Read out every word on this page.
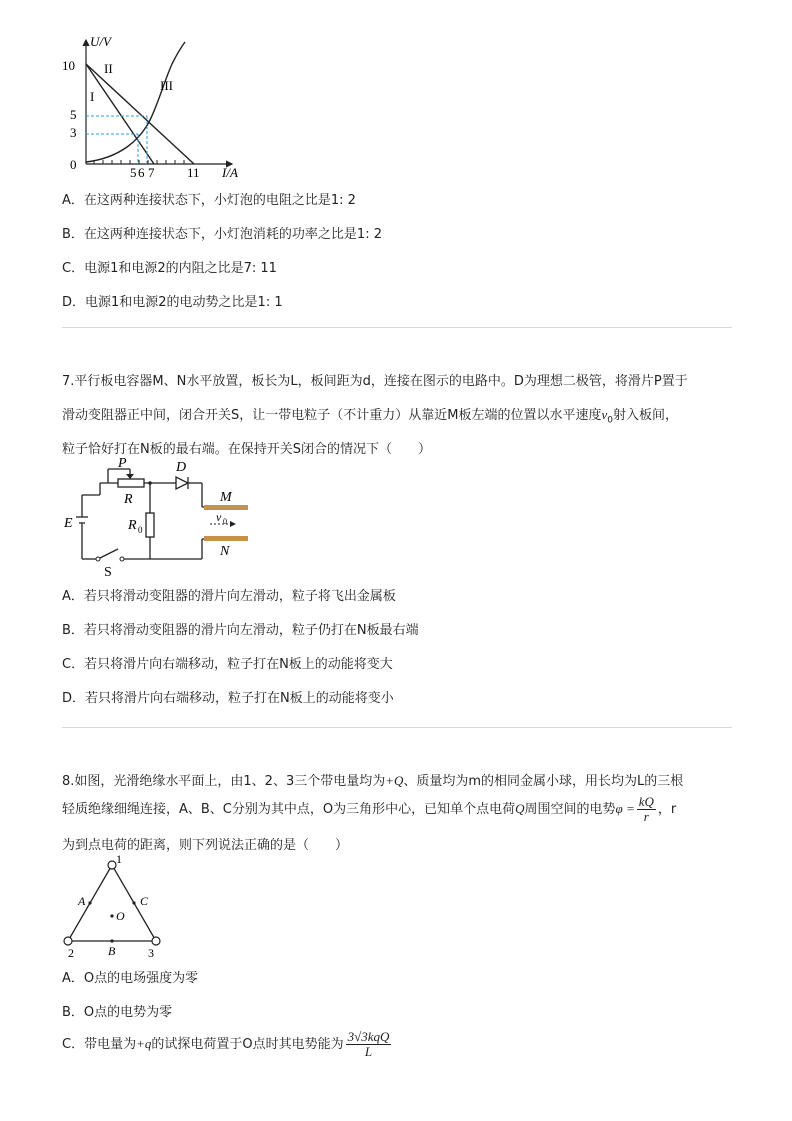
U/V
I/A
10
5
3
0
5 6 7	11
II
I
III
A．在这两种连接状态下，小灯泡的电阻之比是1: 2
B．在这两种连接状态下，小灯泡消耗的功率之比是1: 2
C．电源1和电源2的内阻之比是7: 11
D．电源1和电源2的电动势之比是1: 1
7.平行板电容器M、N水平放置，板长为L，板间距为d，连接在图示的电路中。D为理想二极管，将滑片P置于
滑动变阻器正中间，闭合开关S，让一带电粒子（不计重力）从靠近M板左端的位置以水平速度$v_0$射入板间，
粒子恰好打在N板的最右端。在保持开关S闭合的情况下（　　）
P	D
M
R
R 0
v 0
E
N
S
A．若只将滑动变阻器的滑片向左滑动，粒子将飞出金属板
B．若只将滑动变阻器的滑片向左滑动，粒子仍打在N板最右端
C．若只将滑片向右端移动，粒子打在N板上的动能将变大
D．若只将滑片向右端移动，粒子打在N板上的动能将变小
8.如图，光滑绝缘水平面上，由1、2、3三个带电量均为+Q、质量均为m的相同金属小球，用长均为L的三根
轻质绝缘细绳连接，A、B、C分别为其中点，O为三角形中心，已知单个点电荷Q周围空间的电势$\varphi = \frac{kQ}{r}$ ，r
为到点电荷的距离，则下列说法正确的是（　　）
1
2	3
A	C
B
O
A．O点的电场强度为零
B．O点的电势为零
C．带电量为+q的试探电荷置于O点时其电势能为 $\frac{\text{3√3kqQ}}{L}$
